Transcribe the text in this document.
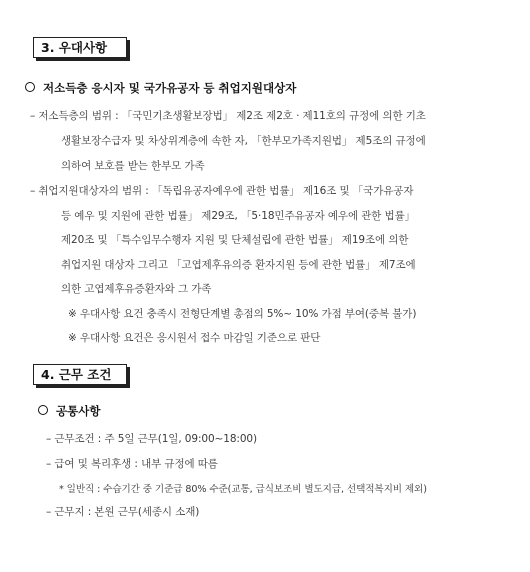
3. 우대사항
저소득층 응시자 및 국가유공자 등 취업지원대상자
– 저소득층의 범위 : 「국민기초생활보장법」 제2조 제2호 · 제11호의 규정에 의한 기초
생활보장수급자 및 차상위계층에 속한 자, 「한부모가족지원법」 제5조의 규정에
의하여 보호를 받는 한부모 가족
– 취업지원대상자의 범위 : 「독립유공자예우에 관한 법률」 제16조 및 「국가유공자
등 예우 및 지원에 관한 법률」 제29조, 「5·18민주유공자 예우에 관한 법률」
제20조 및 「특수임무수행자 지원 및 단체설립에 관한 법률」 제19조에 의한
취업지원 대상자 그리고 「고엽제후유의증 환자지원 등에 관한 법률」 제7조에
의한 고엽제후유증환자와 그 가족
※ 우대사항 요건 충족시 전형단계별 총점의 5%~ 10% 가점 부여(중복 불가)
※ 우대사항 요건은 응시원서 접수 마감일 기준으로 판단
4. 근무 조건
공통사항
– 근무조건 : 주 5일 근무(1일, 09:00~18:00)
– 급여 및 복리후생 : 내부 규정에 따름
* 일반직 : 수습기간 중 기준급 80% 수준(교통, 급식보조비 별도지급, 선택적복지비 제외)
– 근무지 : 본원 근무(세종시 소재)
